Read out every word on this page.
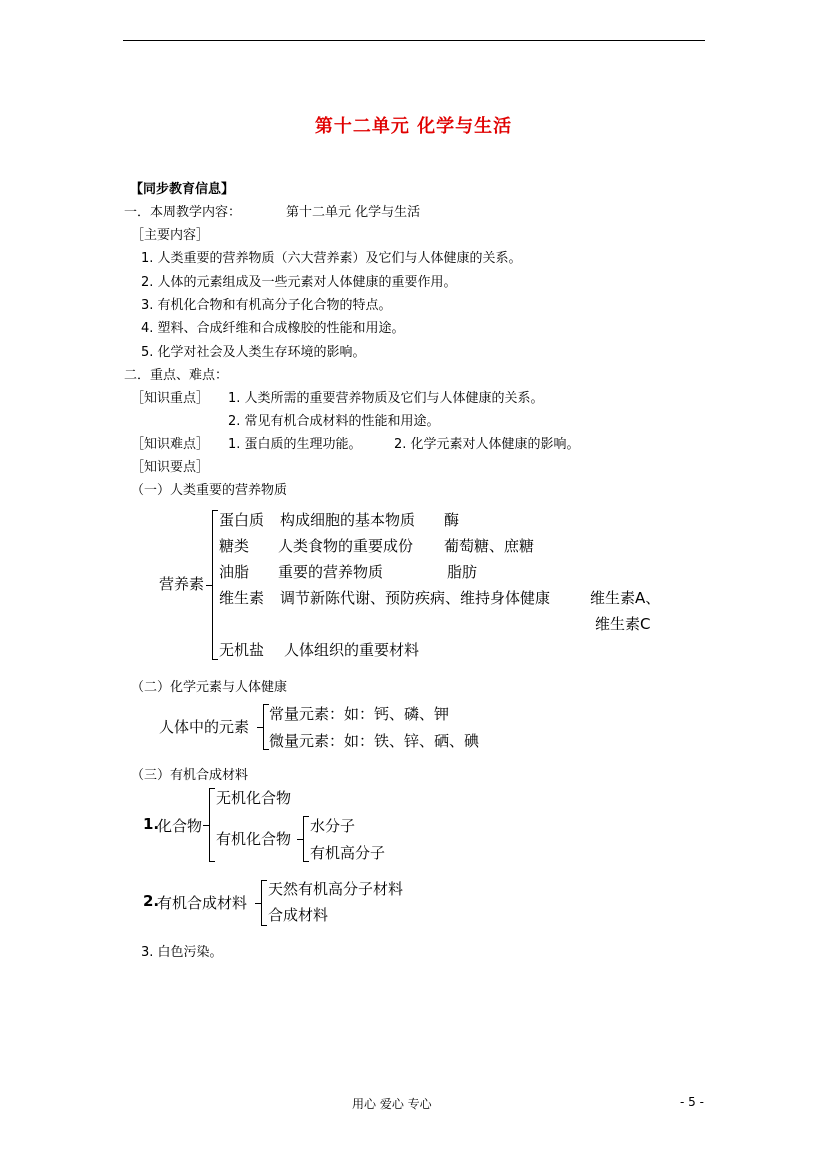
第十二单元 化学与生活
【同步教育信息】
一．本周教学内容：	第十二单元 化学与生活
［主要内容］
1. 人类重要的营养物质（六大营养素）及它们与人体健康的关系。
2. 人体的元素组成及一些元素对人体健康的重要作用。
3. 有机化合物和有机高分子化合物的特点。
4. 塑料、合成纤维和合成橡胶的性能和用途。
5. 化学对社会及人类生存环境的影响。
二．重点、难点：
［知识重点］ 1. 人类所需的重要营养物质及它们与人体健康的关系。
2. 常见有机合成材料的性能和用途。
［知识难点］ 1. 蛋白质的生理功能。 2. 化学元素对人体健康的影响。
［知识要点］
（一）人类重要的营养物质
营养素
蛋白质 构成细胞的基本物质 酶
糖类 人类食物的重要成份 葡萄糖、庶糖
油脂 重要的营养物质	脂肪
维生素 调节新陈代谢、预防疾病、维持身体健康	维生素A、
维生素C
无机盐 人体组织的重要材料
（二）化学元素与人体健康
人体中的元素
常量元素：如：钙、磷、钾
微量元素：如：铁、锌、硒、碘
（三）有机合成材料
1.
化合物
无机化合物
有机化合物
水分子
有机高分子
2.
有机合成材料
天然有机高分子材料
合成材料
3. 白色污染。
用心 爱心 专心	- 5 -
